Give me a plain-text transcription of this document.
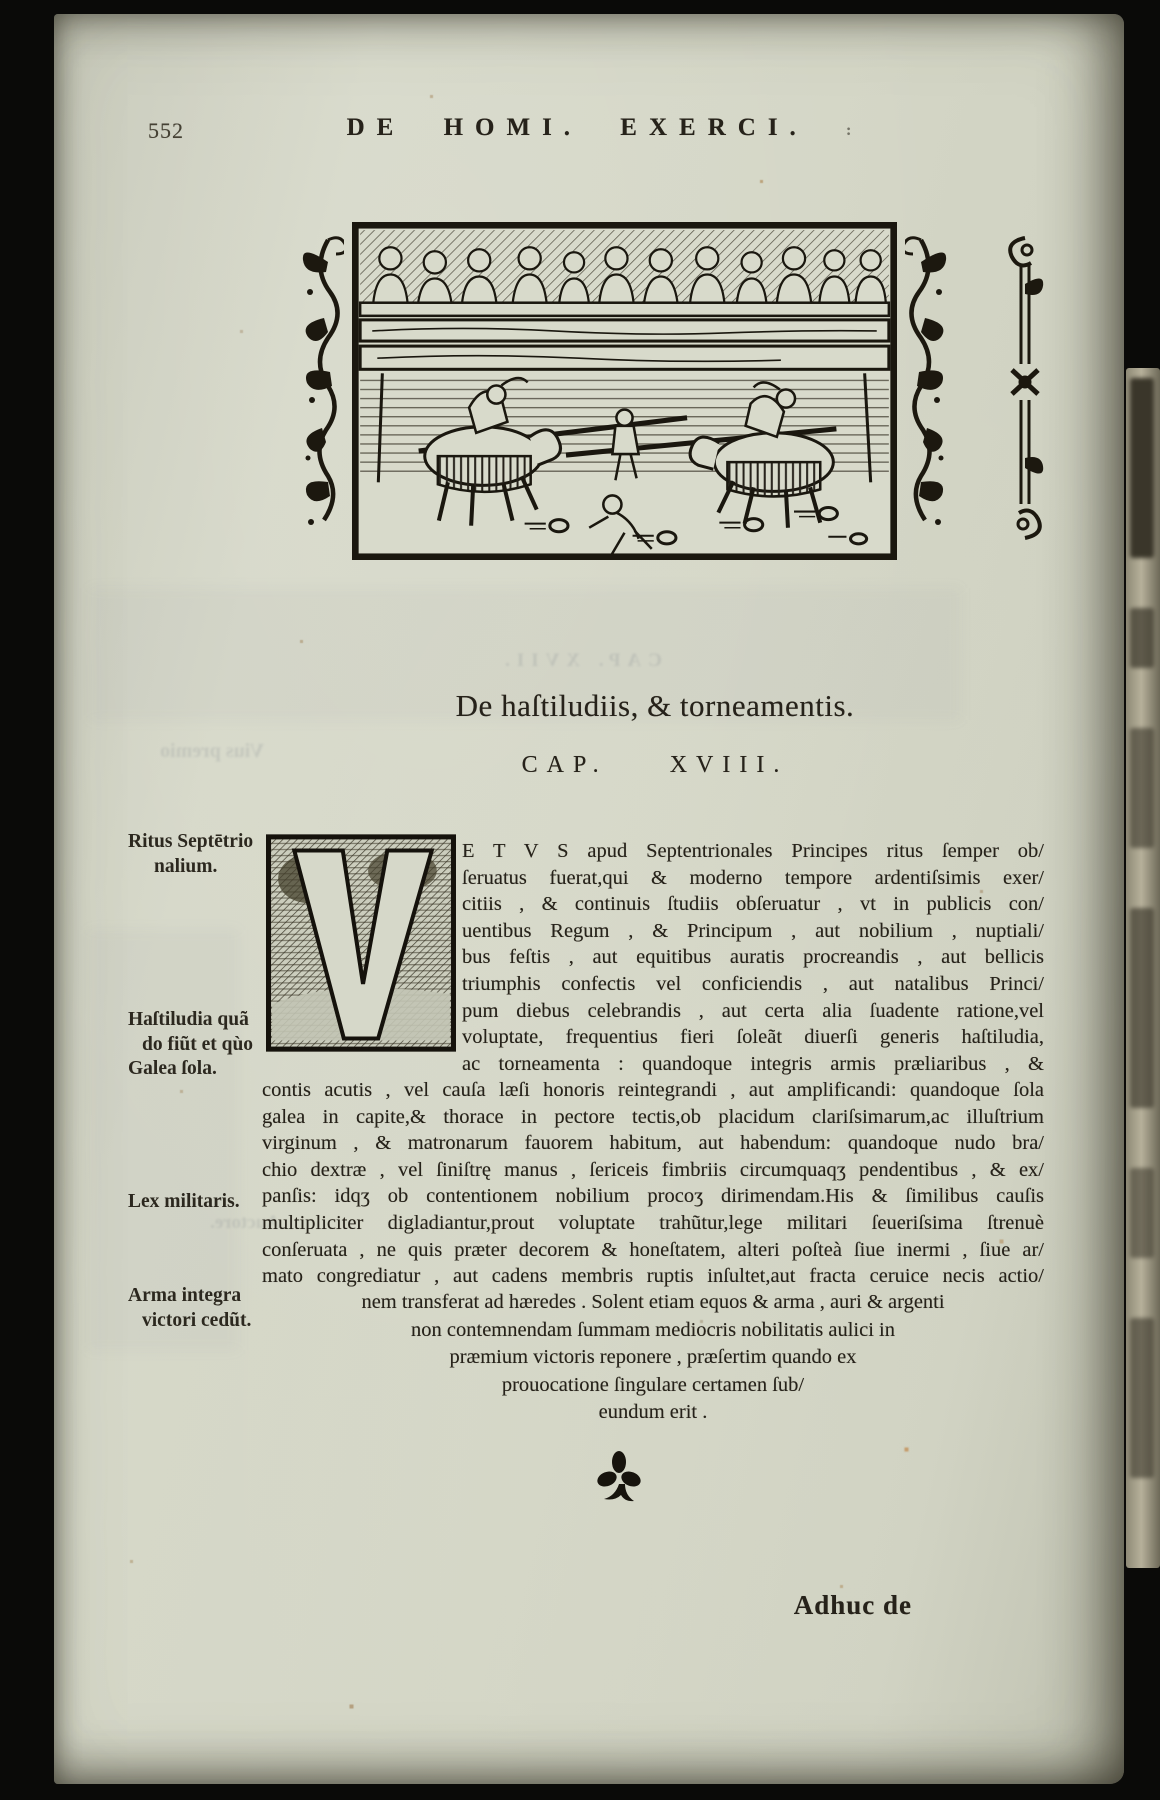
Vius premio
CAP. XVII.
Auctore.
552	DE HOMI. EXERCI. :
De haſtiludiis, & torneamentis.
CAP.	XVIII.
Ritus Septētrio
nalium.
Haſtiludia quã
do fiũt et qùo
Galea ſola.
Lex militaris.
Arma integra
victori cedũt.
E T V S apud Septentrionales Principes ritus ſemper ob/
ſeruatus fuerat,qui & moderno tempore ardentiſsimis exer/
citiis , & continuis ſtudiis obſeruatur , vt in publicis con/
uentibus Regum , & Principum , aut nobilium , nuptiali/
bus feſtis , aut equitibus auratis procreandis , aut bellicis
triumphis confectis vel conficiendis , aut natalibus Princi/
pum diebus celebrandis , aut certa alia ſuadente ratione,vel
voluptate, frequentius fieri ſoleãt diuerſi generis haſtiludia,
ac torneamenta : quandoque integris armis præliaribus , &
contis acutis , vel cauſa læſi honoris reintegrandi , aut amplificandi: quandoque ſola
galea in capite,& thorace in pectore tectis,ob placidum clariſsimarum,ac illuſtrium
virginum , & matronarum fauorem habitum, aut habendum: quandoque nudo bra/
chio dextræ , vel ſiniſtrę manus , ſericeis fimbriis circumquaqʒ pendentibus , & ex/
panſis: idqʒ ob contentionem nobilium procoʒ dirimendam.His & ſimilibus cauſis
multipliciter digladiantur,prout voluptate trahũtur,lege militari ſeueriſsima ſtrenuè
conſeruata , ne quis præter decorem & honeſtatem, alteri poſteà ſiue inermi , ſiue ar/
mato congrediatur , aut cadens membris ruptis inſultet,aut fracta ceruice necis actio/
nem transferat ad hæredes . Solent etiam equos & arma , auri & argenti
non contemnendam ſummam mediocris nobilitatis aulici in
præmium victoris reponere , præſertim quando ex
prouocatione ſingulare certamen ſub/
eundum erit .
Adhuc de
